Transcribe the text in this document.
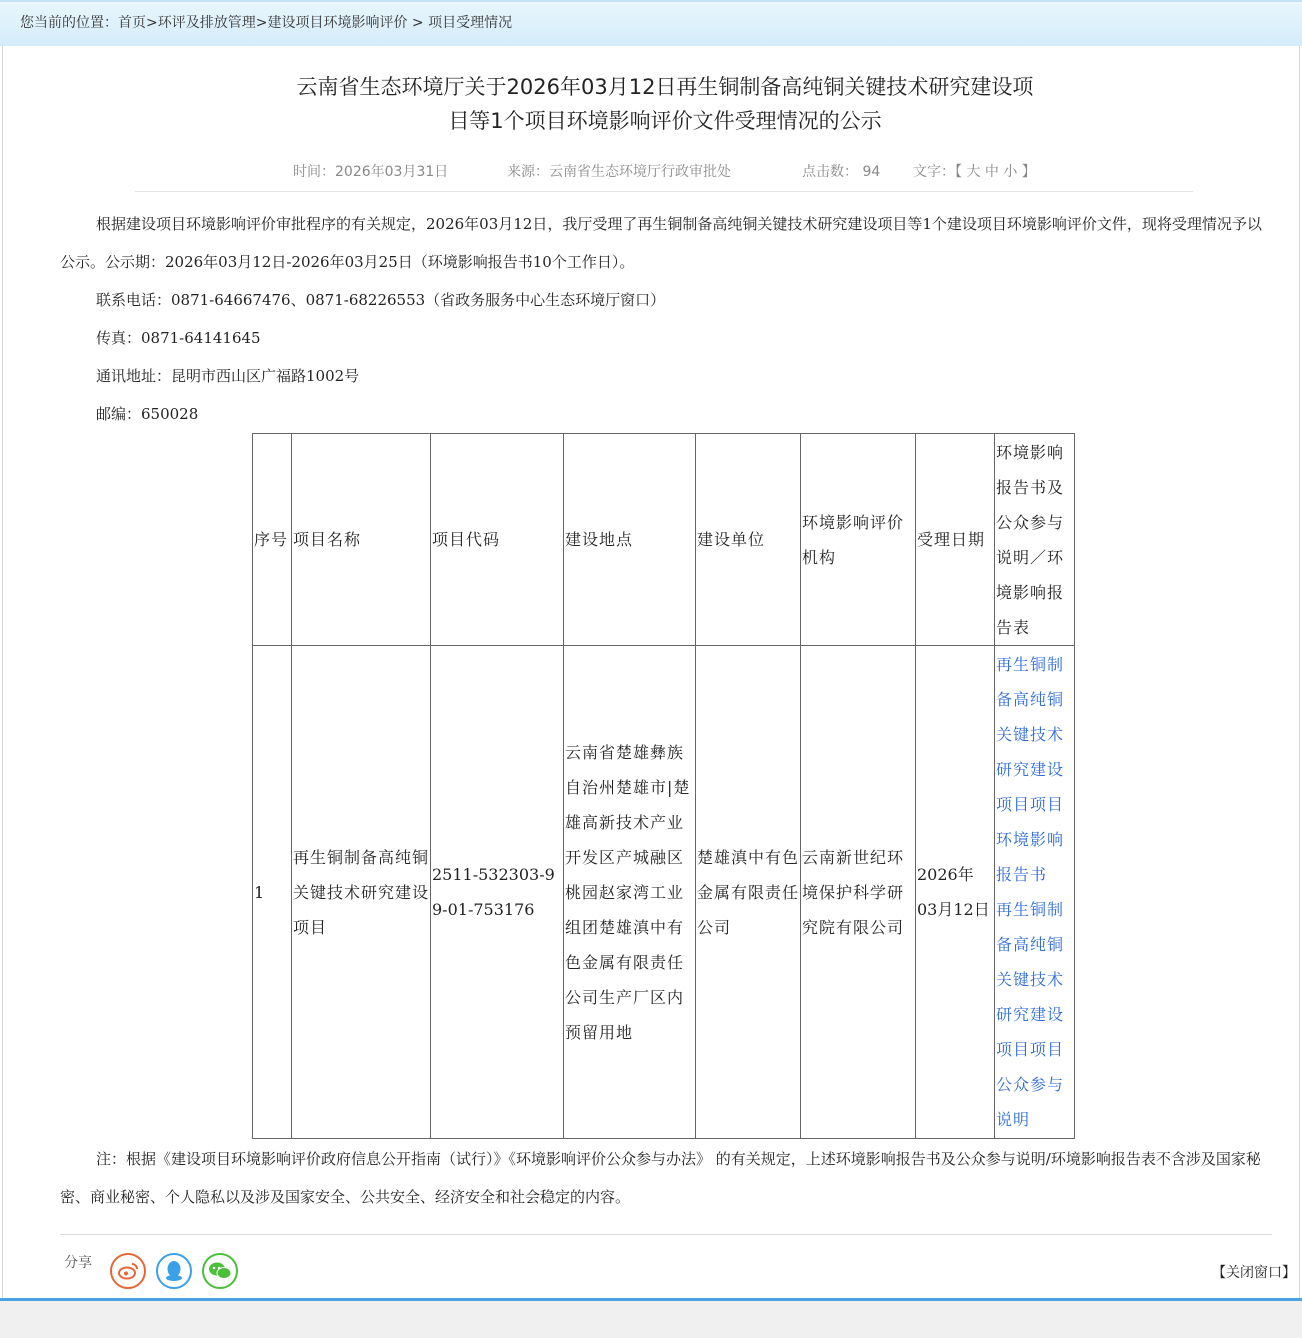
您当前的位置：首页>环评及排放管理>建设项目环境影响评价 > 项目受理情况
云南省生态环境厅关于2026年03月12日再生铜制备高纯铜关键技术研究建设项
目等1个项目环境影响评价文件受理情况的公示
时间：2026年03月31日	来源：云南省生态环境厅行政审批处	点击数： 94 文字：【 大 中 小 】

根据建设项目环境影响评价审批程序的有关规定，2026年03月12日，我厅受理了再生铜制备高纯铜关键技术研究建设项目等1个建设项目环境影响评价文件，现将受理情况予以公示。公示期：2026年03月12日-2026年03月25日（环境影响报告书10个工作日）。

联系电话：0871-64667476、0871-68226553（省政务服务中心生态环境厅窗口）

传真：0871-64141645

通讯地址：昆明市西山区广福路1002号

邮编：650028

序号	项目名称	项目代码	建设地点	建设单位	环境影响评价机构	受理日期	环境影响报告书及公众参与说明／环境影响报告表
1	再生铜制备高纯铜关键技术研究建设项目	2511-532303-99-01-753176	云南省楚雄彝族自治州楚雄市|楚雄高新技术产业开发区产城融区桃园赵家湾工业组团楚雄滇中有色金属有限责任公司生产厂区内预留用地	楚雄滇中有色金属有限责任公司	云南新世纪环境保护科学研究院有限公司	2026年03月12日	再生铜制备高纯铜关键技术研究建设项目项目环境影响报告书
再生铜制备高纯铜关键技术研究建设项目项目公众参与说明

注：根据《建设项目环境影响评价政府信息公开指南（试行）》《环境影响评价公众参与办法》 的有关规定，上述环境影响报告书及公众参与说明/环境影响报告表不含涉及国家秘密、商业秘密、个人隐私以及涉及国家安全、公共安全、经济安全和社会稳定的内容。

分享
【关闭窗口】
